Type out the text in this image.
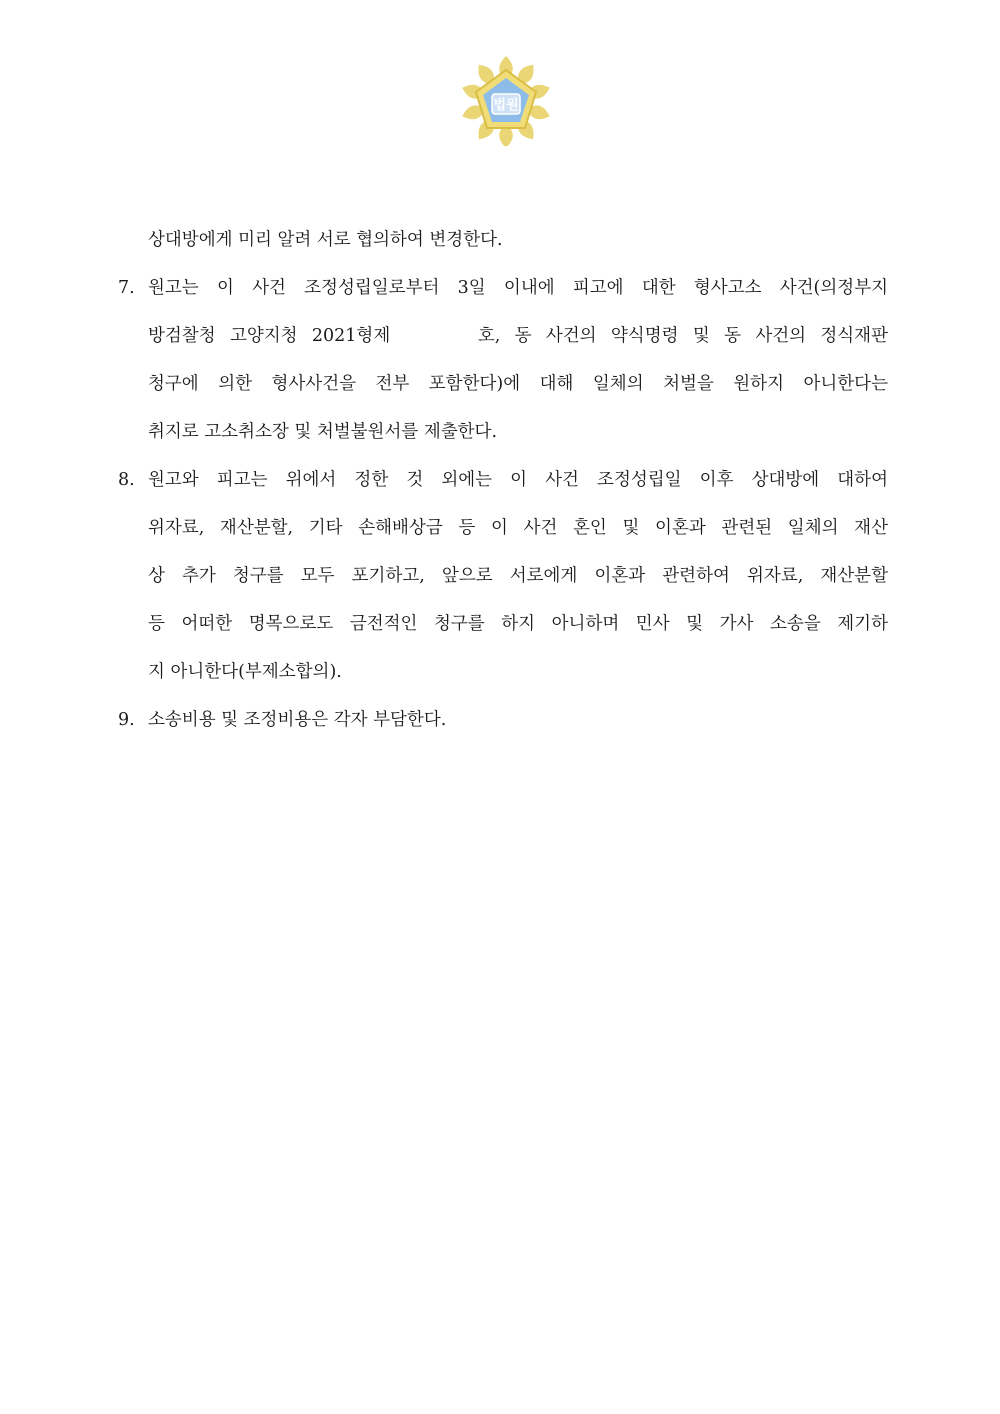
법원
상대방에게 미리 알려 서로 협의하여 변경한다.
7. 원고는 이 사건 조정성립일로부터 3일 이내에 피고에 대한 형사고소 사건(의정부지
방검찰청 고양지청 2021형제　　　호, 동 사건의 약식명령 및 동 사건의 정식재판
청구에 의한 형사사건을 전부 포함한다)에 대해 일체의 처벌을 원하지 아니한다는
취지로 고소취소장 및 처벌불원서를 제출한다.
8. 원고와 피고는 위에서 정한 것 외에는 이 사건 조정성립일 이후 상대방에 대하여
위자료, 재산분할, 기타 손해배상금 등 이 사건 혼인 및 이혼과 관련된 일체의 재산
상 추가 청구를 모두 포기하고, 앞으로 서로에게 이혼과 관련하여 위자료, 재산분할
등 어떠한 명목으로도 금전적인 청구를 하지 아니하며 민사 및 가사 소송을 제기하
지 아니한다(부제소합의).
9. 소송비용 및 조정비용은 각자 부담한다.
